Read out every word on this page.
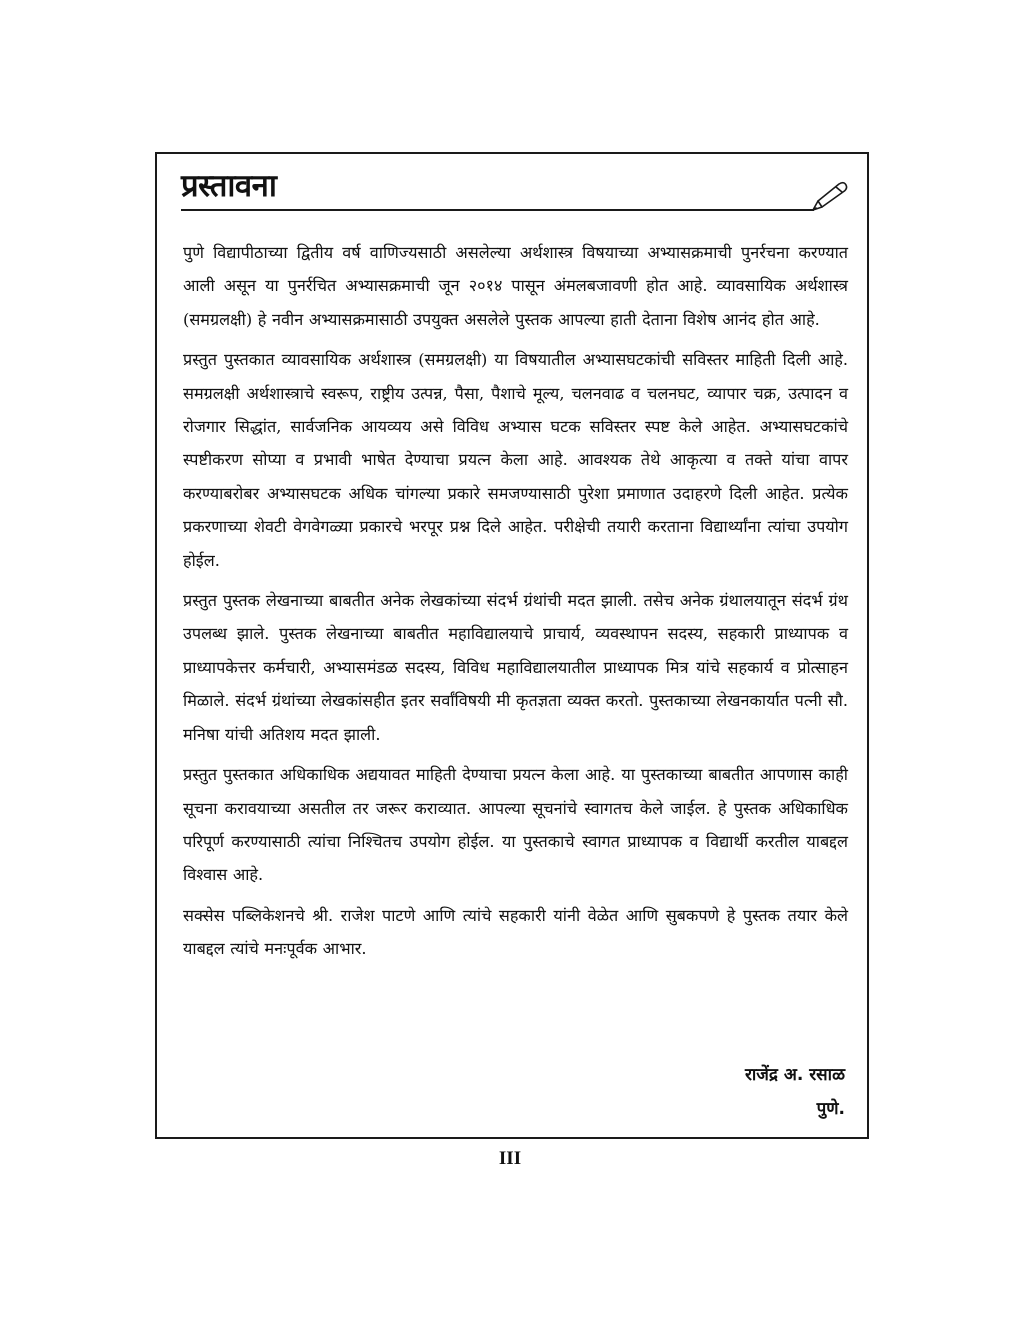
प्रस्तावना

पुणे विद्यापीठाच्या द्वितीय वर्ष वाणिज्यसाठी असलेल्या अर्थशास्त्र विषयाच्या अभ्यासक्रमाची पुनर्रचना करण्यात आली असून या पुनर्रचित अभ्यासक्रमाची जून २०१४ पासून अंमलबजावणी होत आहे. व्यावसायिक अर्थशास्त्र (समग्रलक्षी) हे नवीन अभ्यासक्रमासाठी उपयुक्त असलेले पुस्तक आपल्या हाती देताना विशेष आनंद होत आहे.

प्रस्तुत पुस्तकात व्यावसायिक अर्थशास्त्र (समग्रलक्षी) या विषयातील अभ्यासघटकांची सविस्तर माहिती दिली आहे. समग्रलक्षी अर्थशास्त्राचे स्वरूप, राष्ट्रीय उत्पन्न, पैसा, पैशाचे मूल्य, चलनवाढ व चलनघट, व्यापार चक्र, उत्पादन व रोजगार सिद्धांत, सार्वजनिक आयव्यय असे विविध अभ्यास घटक सविस्तर स्पष्ट केले आहेत. अभ्यासघटकांचे स्पष्टीकरण सोप्या व प्रभावी भाषेत देण्याचा प्रयत्न केला आहे. आवश्यक तेथे आकृत्या व तक्ते यांचा वापर करण्याबरोबर अभ्यासघटक अधिक चांगल्या प्रकारे समजण्यासाठी पुरेशा प्रमाणात उदाहरणे दिली आहेत. प्रत्येक प्रकरणाच्या शेवटी वेगवेगळ्या प्रकारचे भरपूर प्रश्न दिले आहेत. परीक्षेची तयारी करताना विद्यार्थ्यांना त्यांचा उपयोग होईल.

प्रस्तुत पुस्तक लेखनाच्या बाबतीत अनेक लेखकांच्या संदर्भ ग्रंथांची मदत झाली. तसेच अनेक ग्रंथालयातून संदर्भ ग्रंथ उपलब्ध झाले. पुस्तक लेखनाच्या बाबतीत महाविद्यालयाचे प्राचार्य, व्यवस्थापन सदस्य, सहकारी प्राध्यापक व प्राध्यापकेत्तर कर्मचारी, अभ्यासमंडळ सदस्य, विविध महाविद्यालयातील प्राध्यापक मित्र यांचे सहकार्य व प्रोत्साहन मिळाले. संदर्भ ग्रंथांच्या लेखकांसहीत इतर सर्वांविषयी मी कृतज्ञता व्यक्त करतो. पुस्तकाच्या लेखनकार्यात पत्नी सौ. मनिषा यांची अतिशय मदत झाली.

प्रस्तुत पुस्तकात अधिकाधिक अद्ययावत माहिती देण्याचा प्रयत्न केला आहे. या पुस्तकाच्या बाबतीत आपणास काही सूचना करावयाच्या असतील तर जरूर कराव्यात. आपल्या सूचनांचे स्वागतच केले जाईल. हे पुस्तक अधिकाधिक परिपूर्ण करण्यासाठी त्यांचा निश्चितच उपयोग होईल. या पुस्तकाचे स्वागत प्राध्यापक व विद्यार्थी करतील याबद्दल विश्वास आहे.

सक्सेस पब्लिकेशनचे श्री. राजेश पाटणे आणि त्यांचे सहकारी यांनी वेळेत आणि सुबकपणे हे पुस्तक तयार केले याबद्दल त्यांचे मनःपूर्वक आभार.

राजेंद्र अ. रसाळ
पुणे.
III
